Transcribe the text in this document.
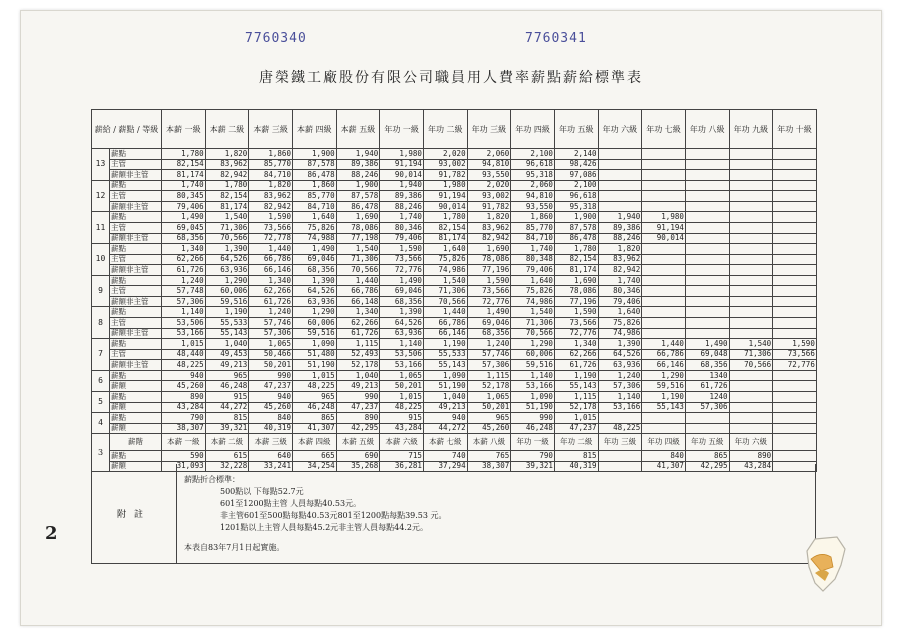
7760340	7760341
唐榮鐵工廠股份有限公司職員用人費率薪點薪給標準表
薪給 / 薪點 / 等級		本薪 一級	本薪 二級	本薪 三級	本薪 四級	本薪 五級	年功 一級	年功 二級	年功 三級	年功 四級	年功 五級	年功 六級	年功 七級	年功 八級	年功 九級	年功 十級
13	薪點	1,780	1,820	1,860	1,900	1,940	1,980	2,020	2,060	2,100	2,140					
	主管	82,154	83,962	85,770	87,578	89,386	91,194	93,002	94,810	96,618	98,426					
	薪額非主管	81,174	82,942	84,710	86,478	88,246	90,014	91,782	93,550	95,318	97,086					
12	薪點	1,740	1,780	1,820	1,860	1,900	1,940	1,980	2,020	2,060	2,100					
	主管	80,345	82,154	83,962	85,770	87,578	89,386	91,194	93,002	94,810	96,618					
	薪額非主管	79,406	81,174	82,942	84,710	86,478	88,246	90,014	91,782	93,550	95,318					
11	薪點	1,490	1,540	1,590	1,640	1,690	1,740	1,780	1,820	1,860	1,900	1,940	1,980			
	主管	69,045	71,306	73,566	75,826	78,086	80,346	82,154	83,962	85,770	87,578	89,386	91,194			
	薪額非主管	68,356	70,566	72,778	74,988	77,198	79,406	81,174	82,942	84,710	86,478	88,246	90,014			
10	薪點	1,340	1,390	1,440	1,490	1,540	1,590	1,640	1,690	1,740	1,780	1,820				
	主管	62,266	64,526	66,786	69,046	71,306	73,566	75,826	78,086	80,348	82,154	83,962				
	薪額非主管	61,726	63,936	66,146	68,356	70,566	72,776	74,986	77,196	79,406	81,174	82,942				
9	薪點	1,240	1,290	1,340	1,390	1,440	1,490	1,540	1,590	1,640	1,690	1,740				
	主管	57,748	60,006	62,266	64,526	66,786	69,046	71,306	73,566	75,826	78,086	80,346				
	薪額非主管	57,306	59,516	61,726	63,936	66,148	68,356	70,566	72,776	74,986	77,196	79,406				
8	薪點	1,140	1,190	1,240	1,290	1,340	1,390	1,440	1,490	1,540	1,590	1,640				
	主管	53,506	55,533	57,746	60,006	62,266	64,526	66,786	69,046	71,306	73,566	75,826				
	薪額非主管	53,166	55,143	57,306	59,516	61,726	63,936	66,146	68,356	70,566	72,776	74,986				
7	薪點	1,015	1,040	1,065	1,090	1,115	1,140	1,190	1,240	1,290	1,340	1,390	1,440	1,490	1,540	1,590
	主管	48,440	49,453	50,466	51,480	52,493	53,506	55,533	57,746	60,006	62,266	64,526	66,786	69,048	71,306	73,566
	薪額非主管	48,225	49,213	50,201	51,190	52,178	53,166	55,143	57,306	59,516	61,726	63,936	66,146	68,356	70,566	72,776
6	薪點	940	965	990	1,015	1,040	1,065	1,090	1,115	1,140	1,190	1,240	1,290	1340		
	薪額	45,260	46,248	47,237	48,225	49,213	50,201	51,190	52,178	53,166	55,143	57,306	59,516	61,726		
5	薪點	890	915	940	965	990	1,015	1,040	1,065	1,090	1,115	1,140	1,190	1240		
	薪額	43,284	44,272	45,260	46,248	47,237	48,225	49,213	50,201	51,190	52,178	53,166	55,143	57,306		
4	薪點	790	815	840	865	890	915	940	965	990	1,015					
	薪額	38,307	39,321	40,319	41,307	42,295	43,284	44,272	45,260	46,248	47,237	48,225				
3	薪階	本薪 一級	本薪 二級	本薪 三級	本薪 四級	本薪 五級	本薪 六級	本薪 七級	本薪 八級	年功 一級	年功 二級	年功 三級	年功 四級	年功 五級	年功 六級	
	薪點	590	615	640	665	690	715	740	765	790	815		840	865	890	
	薪額	31,093	32,228	33,241	34,254	35,268	36,281	37,294	38,307	39,321	40,319		41,307	42,295	43,284	
附註
薪點折合標準：
500點以 下每點52.7元
601至1200點主管 人員每點40.53元。
非主管601至500點每點40.53元801至1200點每點39.53 元。
1201點以上主管人員每點45.2元非主管人員每點44.2元。
本表自83年7月1日起實施。
2
